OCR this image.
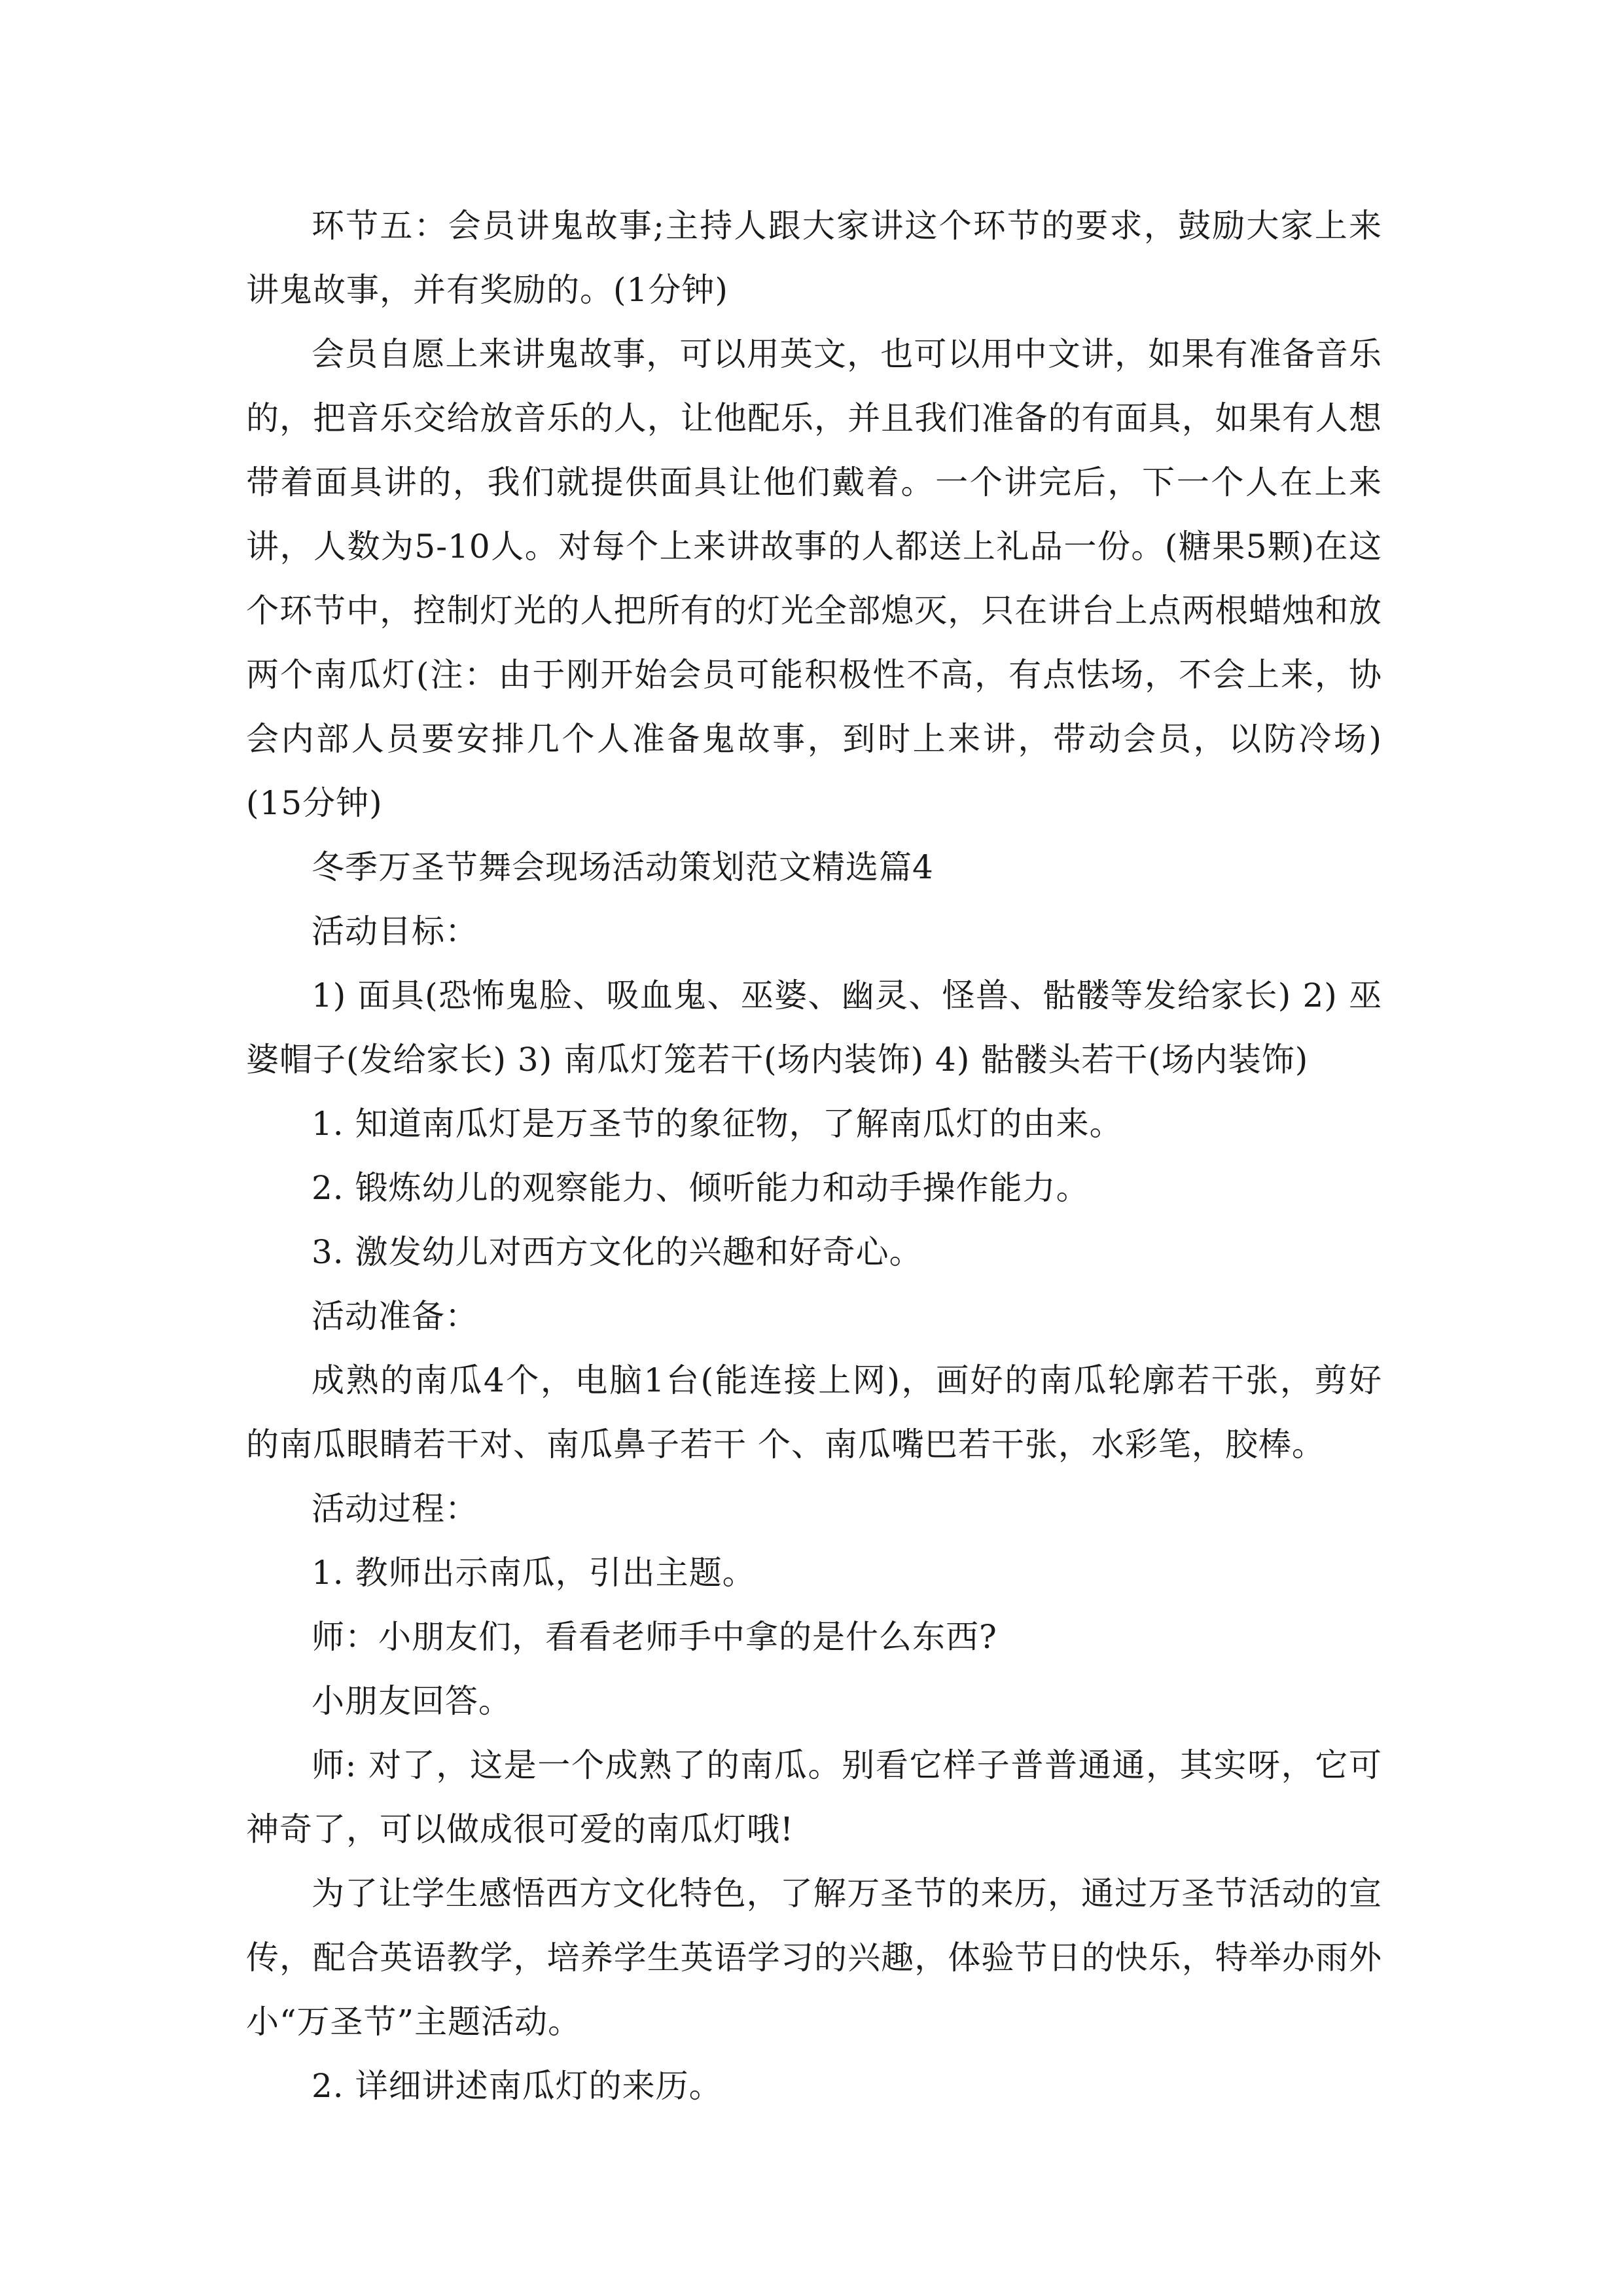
环节五：会员讲鬼故事;主持人跟大家讲这个环节的要求，鼓励大家上来讲鬼故事，并有奖励的。(1分钟)

会员自愿上来讲鬼故事，可以用英文，也可以用中文讲，如果有准备音乐的，把音乐交给放音乐的人，让他配乐，并且我们准备的有面具，如果有人想带着面具讲的，我们就提供面具让他们戴着。一个讲完后，下一个人在上来讲，人数为5-10人。对每个上来讲故事的人都送上礼品一份。(糖果5颗)在这个环节中，控制灯光的人把所有的灯光全部熄灭，只在讲台上点两根蜡烛和放两个南瓜灯(注：由于刚开始会员可能积极性不高，有点怯场，不会上来，协会内部人员要安排几个人准备鬼故事，到时上来讲，带动会员，以防冷场)(15分钟)

冬季万圣节舞会现场活动策划范文精选篇4

活动目标：

1) 面具(恐怖鬼脸、吸血鬼、巫婆、幽灵、怪兽、骷髅等发给家长) 2) 巫婆帽子(发给家长) 3) 南瓜灯笼若干(场内装饰) 4) 骷髅头若干(场内装饰)

1. 知道南瓜灯是万圣节的象征物，了解南瓜灯的由来。

2. 锻炼幼儿的观察能力、倾听能力和动手操作能力。

3. 激发幼儿对西方文化的兴趣和好奇心。

活动准备：

成熟的南瓜4个，电脑1台(能连接上网)，画好的南瓜轮廓若干张，剪好的南瓜眼睛若干对、南瓜鼻子若干 个、南瓜嘴巴若干张，水彩笔，胶棒。

活动过程：

1. 教师出示南瓜，引出主题。

师：小朋友们，看看老师手中拿的是什么东西?

小朋友回答。

师: 对了，这是一个成熟了的南瓜。别看它样子普普通通，其实呀，它可神奇了，可以做成很可爱的南瓜灯哦!

为了让学生感悟西方文化特色，了解万圣节的来历，通过万圣节活动的宣传，配合英语教学，培养学生英语学习的兴趣，体验节日的快乐，特举办雨外小“万圣节”主题活动。

2. 详细讲述南瓜灯的来历。
